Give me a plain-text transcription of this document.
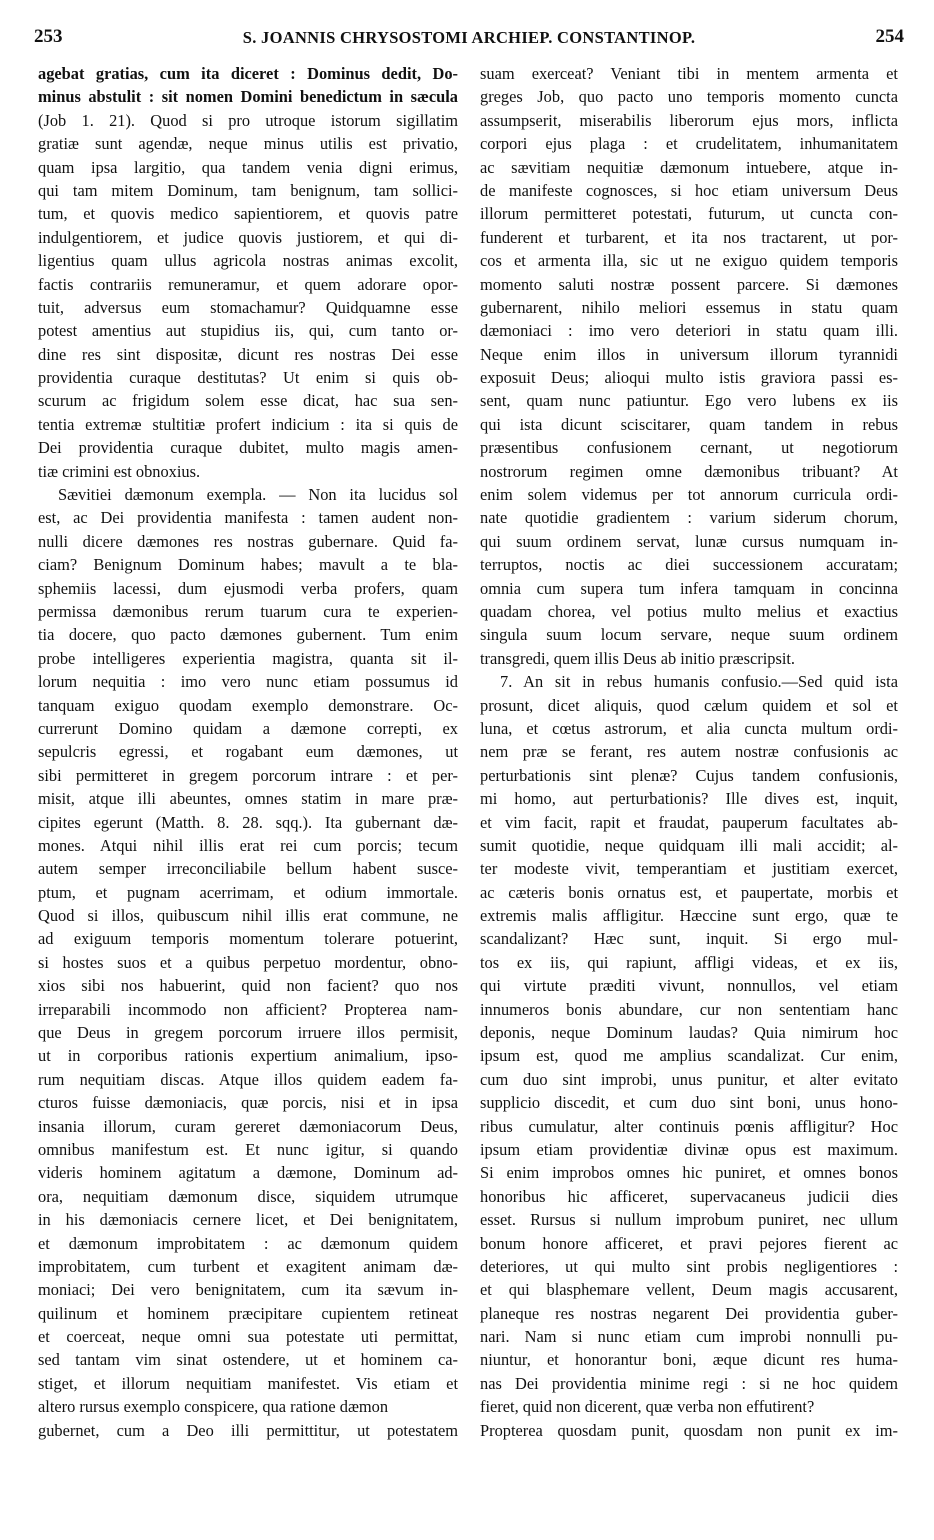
253	S. JOANNIS CHRYSOSTOMI ARCHIEP. CONSTANTINOP.	254
agebat gratias, cum ita diceret : Dominus dedit, Do-
minus abstulit : sit nomen Domini benedictum in sæcula
(Job 1. 21). Quod si pro utroque istorum sigillatim
gratiæ sunt agendæ, neque minus utilis est privatio,
quam ipsa largitio, qua tandem venia digni erimus,
qui tam mitem Dominum, tam benignum, tam sollici-
tum, et quovis medico sapientiorem, et quovis patre
indulgentiorem, et judice quovis justiorem, et qui di-
ligentius quam ullus agricola nostras animas excolit,
factis contrariis remuneramur, et quem adorare opor-
tuit, adversus eum stomachamur? Quidquamne esse
potest amentius aut stupidius iis, qui, cum tanto or-
dine res sint dispositæ, dicunt res nostras Dei esse
providentia curaque destitutas? Ut enim si quis ob-
scurum ac frigidum solem esse dicat, hac sua sen-
tentia extremæ stultitiæ profert indicium : ita si quis de
Dei providentia curaque dubitet, multo magis amen-
tiæ crimini est obnoxius.
Sævitiei dæmonum exempla. — Non ita lucidus sol
est, ac Dei providentia manifesta : tamen audent non-
nulli dicere dæmones res nostras gubernare. Quid fa-
ciam? Benignum Dominum habes; mavult a te bla-
sphemiis lacessi, dum ejusmodi verba profers, quam
permissa dæmonibus rerum tuarum cura te experien-
tia docere, quo pacto dæmones gubernent. Tum enim
probe intelligeres experientia magistra, quanta sit il-
lorum nequitia : imo vero nunc etiam possumus id
tanquam exiguo quodam exemplo demonstrare. Oc-
currerunt Domino quidam a dæmone correpti, ex
sepulcris egressi, et rogabant eum dæmones, ut
sibi permitteret in gregem porcorum intrare : et per-
misit, atque illi abeuntes, omnes statim in mare præ-
cipites egerunt (Matth. 8. 28. sqq.). Ita gubernant dæ-
mones. Atqui nihil illis erat rei cum porcis; tecum
autem semper irreconciliabile bellum habent susce-
ptum, et pugnam acerrimam, et odium immortale.
Quod si illos, quibuscum nihil illis erat commune, ne
ad exiguum temporis momentum tolerare potuerint,
si hostes suos et a quibus perpetuo mordentur, obno-
xios sibi nos habuerint, quid non facient? quo nos
irreparabili incommodo non afficient? Propterea nam-
que Deus in gregem porcorum irruere illos permisit,
ut in corporibus rationis expertium animalium, ipso-
rum nequitiam discas. Atque illos quidem eadem fa-
cturos fuisse dæmoniacis, quæ porcis, nisi et in ipsa
insania illorum, curam gereret dæmoniacorum Deus,
omnibus manifestum est. Et nunc igitur, si quando
videris hominem agitatum a dæmone, Dominum ad-
ora, nequitiam dæmonum disce, siquidem utrumque
in his dæmoniacis cernere licet, et Dei benignitatem,
et dæmonum improbitatem : ac dæmonum quidem
improbitatem, cum turbent et exagitent animam dæ-
moniaci; Dei vero benignitatem, cum ita sævum in-
quilinum et hominem præcipitare cupientem retineat
et coerceat, neque omni sua potestate uti permittat,
sed tantam vim sinat ostendere, ut et hominem ca-
stiget, et illorum nequitiam manifestet. Vis etiam et
altero rursus exemplo conspicere, qua ratione dæmon
gubernet, cum a Deo illi permittitur, ut potestatem
suam exerceat? Veniant tibi in mentem armenta et
greges Job, quo pacto uno temporis momento cuncta
assumpserit, miserabilis liberorum ejus mors, inflicta
corpori ejus plaga : et crudelitatem, inhumanitatem
ac sævitiam nequitiæ dæmonum intuebere, atque in-
de manifeste cognosces, si hoc etiam universum Deus
illorum permitteret potestati, futurum, ut cuncta con-
funderent et turbarent, et ita nos tractarent, ut por-
cos et armenta illa, sic ut ne exiguo quidem temporis
momento saluti nostræ possent parcere. Si dæmones
gubernarent, nihilo meliori essemus in statu quam
dæmoniaci : imo vero deteriori in statu quam illi.
Neque enim illos in universum illorum tyrannidi
exposuit Deus; alioqui multo istis graviora passi es-
sent, quam nunc patiuntur. Ego vero lubens ex iis
qui ista dicunt sciscitarer, quam tandem in rebus
præsentibus confusionem cernant, ut negotiorum
nostrorum regimen omne dæmonibus tribuant? At
enim solem videmus per tot annorum curricula ordi-
nate quotidie gradientem : varium siderum chorum,
qui suum ordinem servat, lunæ cursus numquam in-
terruptos, noctis ac diei successionem accuratam;
omnia cum supera tum infera tamquam in concinna
quadam chorea, vel potius multo melius et exactius
singula suum locum servare, neque suum ordinem
transgredi, quem illis Deus ab initio præscripsit.
7. An sit in rebus humanis confusio.—Sed quid ista
prosunt, dicet aliquis, quod cælum quidem et sol et
luna, et cœtus astrorum, et alia cuncta multum ordi-
nem præ se ferant, res autem nostræ confusionis ac
perturbationis sint plenæ? Cujus tandem confusionis,
mi homo, aut perturbationis? Ille dives est, inquit,
et vim facit, rapit et fraudat, pauperum facultates ab-
sumit quotidie, neque quidquam illi mali accidit; al-
ter modeste vivit, temperantiam et justitiam exercet,
ac cæteris bonis ornatus est, et paupertate, morbis et
extremis malis affligitur. Hæccine sunt ergo, quæ te
scandalizant? Hæc sunt, inquit. Si ergo mul-
tos ex iis, qui rapiunt, affligi videas, et ex iis,
qui virtute præditi vivunt, nonnullos, vel etiam
innumeros bonis abundare, cur non sententiam hanc
deponis, neque Dominum laudas? Quia nimirum hoc
ipsum est, quod me amplius scandalizat. Cur enim,
cum duo sint improbi, unus punitur, et alter evitato
supplicio discedit, et cum duo sint boni, unus hono-
ribus cumulatur, alter continuis pœnis affligitur? Hoc
ipsum etiam providentiæ divinæ opus est maximum.
Si enim improbos omnes hic puniret, et omnes bonos
honoribus hic afficeret, supervacaneus judicii dies
esset. Rursus si nullum improbum puniret, nec ullum
bonum honore afficeret, et pravi pejores fierent ac
deteriores, ut qui multo sint probis negligentiores :
et qui blasphemare vellent, Deum magis accusarent,
planeque res nostras negarent Dei providentia guber-
nari. Nam si nunc etiam cum improbi nonnulli pu-
niuntur, et honorantur boni, æque dicunt res huma-
nas Dei providentia minime regi : si ne hoc quidem
fieret, quid non dicerent, quæ verba non effutirent?
Propterea quosdam punit, quosdam non punit ex im-
